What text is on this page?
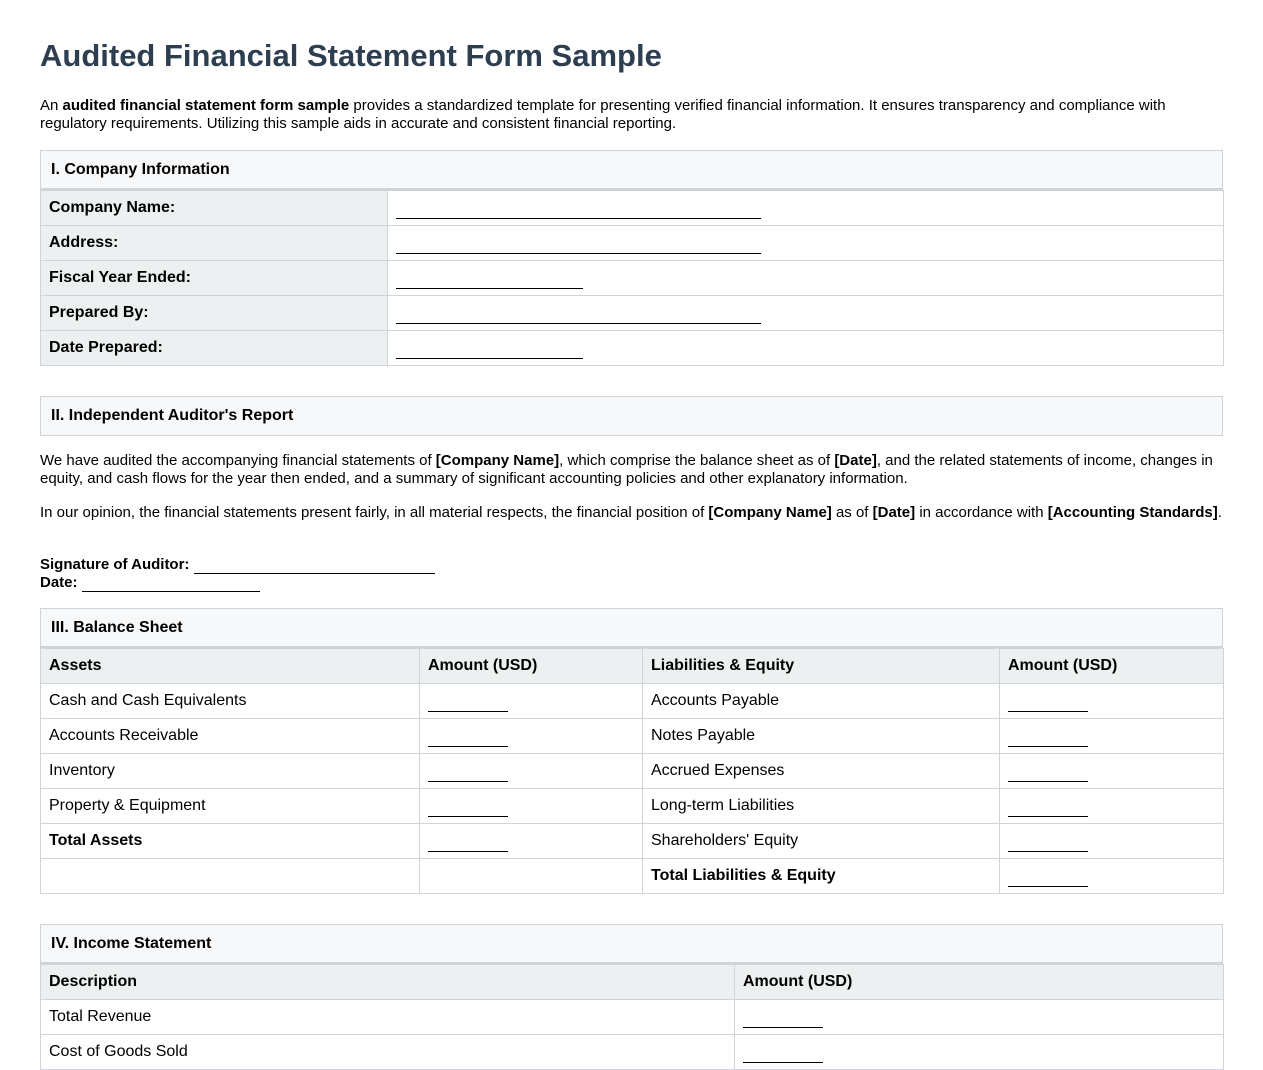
Audited Financial Statement Form Sample

An audited financial statement form sample provides a standardized template for presenting verified financial information. It ensures transparency and compliance with regulatory requirements. Utilizing this sample aids in accurate and consistent financial reporting.

I. Company Information
Company Name:	
Address:	
Fiscal Year Ended:	
Prepared By:	
Date Prepared:	
II. Independent Auditor's Report

We have audited the accompanying financial statements of [Company Name], which comprise the balance sheet as of [Date], and the related statements of income, changes in equity, and cash flows for the year then ended, and a summary of significant accounting policies and other explanatory information.

In our opinion, the financial statements present fairly, in all material respects, the financial position of [Company Name] as of [Date] in accordance with [Accounting Standards].

Signature of Auditor:
Date:
III. Balance Sheet
Assets	Amount (USD)	Liabilities & Equity	Amount (USD)
Cash and Cash Equivalents		Accounts Payable	
Accounts Receivable		Notes Payable	
Inventory		Accrued Expenses	
Property & Equipment		Long-term Liabilities	
Total Assets		Shareholders' Equity	
		Total Liabilities & Equity	
IV. Income Statement
Description	Amount (USD)
Total Revenue	
Cost of Goods Sold	
